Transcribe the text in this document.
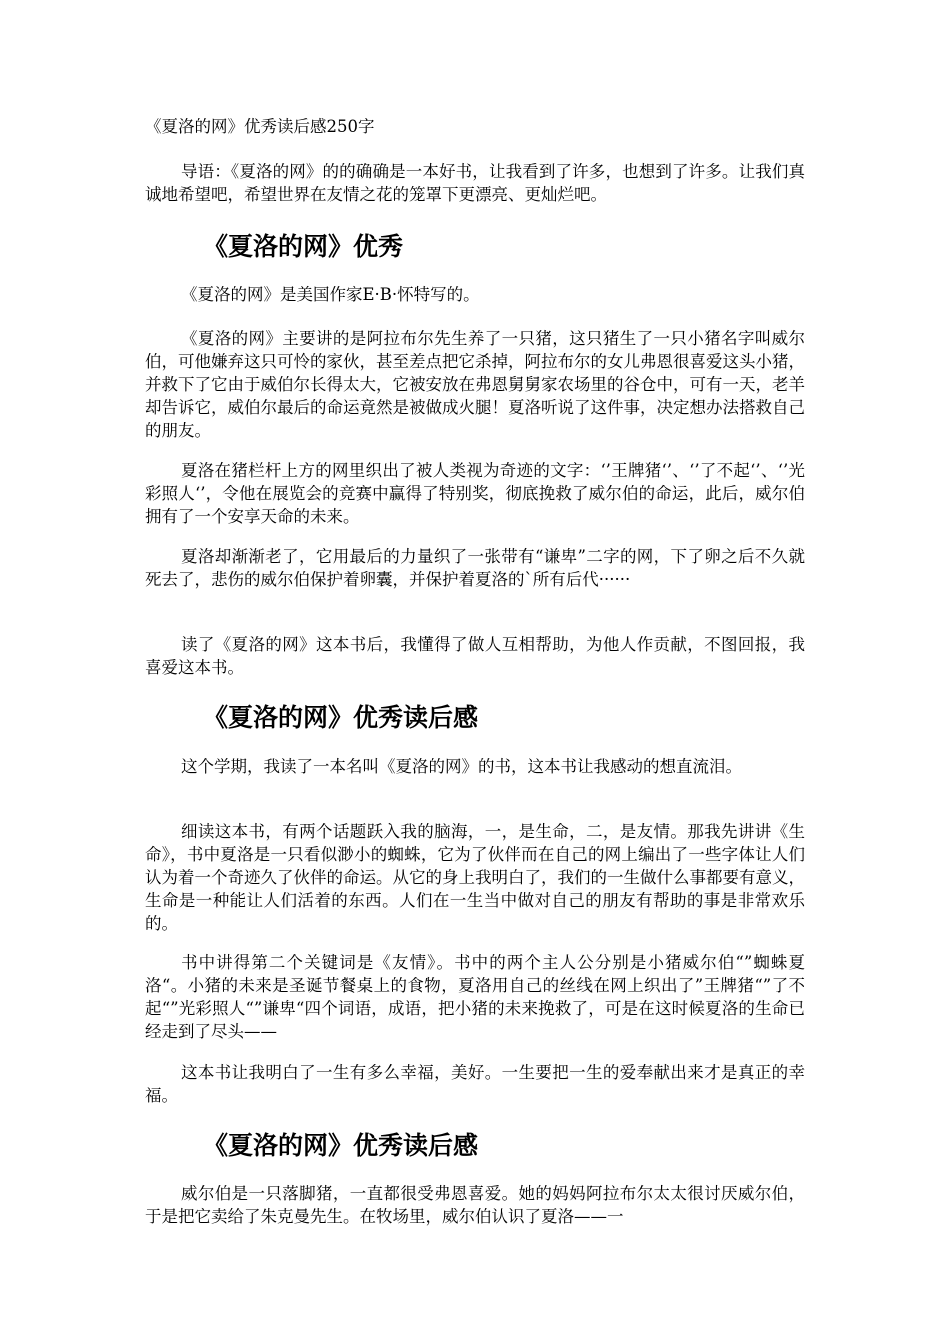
《夏洛的网》优秀读后感250字

导语：《夏洛的网》的的确确是一本好书，让我看到了许多，也想到了许多。让我们真诚地希望吧，希望世界在友情之花的笼罩下更漂亮、更灿烂吧。

《夏洛的网》优秀

《夏洛的网》是美国作家E·B·怀特写的。

《夏洛的网》主要讲的是阿拉布尔先生养了一只猪，这只猪生了一只小猪名字叫威尔伯，可他嫌弃这只可怜的家伙，甚至差点把它杀掉，阿拉布尔的女儿弗恩很喜爱这头小猪，并救下了它由于威伯尔长得太大，它被安放在弗恩舅舅家农场里的谷仓中，可有一天，老羊却告诉它，威伯尔最后的命运竟然是被做成火腿！夏洛听说了这件事，决定想办法搭救自己的朋友。

夏洛在猪栏杆上方的网里织出了被人类视为奇迹的文字：‘’王牌猪‘’、‘’了不起‘’、‘’光彩照人‘’，令他在展览会的竞赛中赢得了特别奖，彻底挽救了威尔伯的命运，此后，威尔伯拥有了一个安享天命的未来。

夏洛却渐渐老了，它用最后的力量织了一张带有“谦卑”二字的网，下了卵之后不久就死去了，悲伤的威尔伯保护着卵囊，并保护着夏洛的`所有后代······

读了《夏洛的网》这本书后，我懂得了做人互相帮助，为他人作贡献，不图回报，我喜爱这本书。

《夏洛的网》优秀读后感

这个学期，我读了一本名叫《夏洛的网》的书，这本书让我感动的想直流泪。

细读这本书，有两个话题跃入我的脑海，一，是生命，二，是友情。那我先讲讲《生命》，书中夏洛是一只看似渺小的蜘蛛，它为了伙伴而在自己的网上编出了一些字体让人们认为着一个奇迹久了伙伴的命运。从它的身上我明白了，我们的一生做什么事都要有意义，生命是一种能让人们活着的东西。人们在一生当中做对自己的朋友有帮助的事是非常欢乐的。

书中讲得第二个关键词是《友情》。书中的两个主人公分别是小猪威尔伯“”蜘蛛夏洛“。小猪的未来是圣诞节餐桌上的食物，夏洛用自己的丝线在网上织出了”王牌猪“”了不起“”光彩照人“”谦卑“四个词语，成语，把小猪的未来挽救了，可是在这时候夏洛的生命已经走到了尽头——

这本书让我明白了一生有多么幸福，美好。一生要把一生的爱奉献出来才是真正的幸福。

《夏洛的网》优秀读后感

威尔伯是一只落脚猪，一直都很受弗恩喜爱。她的妈妈阿拉布尔太太很讨厌威尔伯，于是把它卖给了朱克曼先生。在牧场里，威尔伯认识了夏洛——一
